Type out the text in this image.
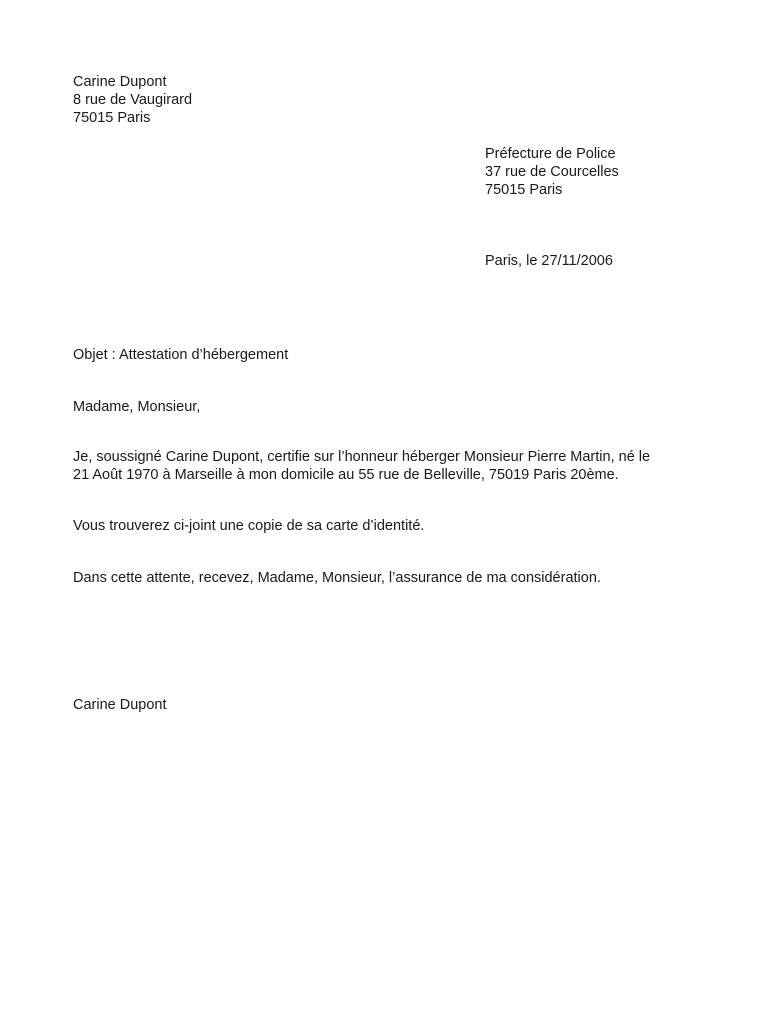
Carine Dupont
8 rue de Vaugirard
75015 Paris
Préfecture de Police
37 rue de Courcelles
75015 Paris
Paris, le 27/11/2006
Objet : Attestation d’hébergement
Madame, Monsieur,
Je, soussigné Carine Dupont, certifie sur l’honneur héberger Monsieur Pierre Martin, né le
21 Août 1970 à Marseille à mon domicile au 55 rue de Belleville, 75019 Paris 20ème.
Vous trouverez ci-joint une copie de sa carte d’identité.
Dans cette attente, recevez, Madame, Monsieur, l’assurance de ma considération.
Carine Dupont
